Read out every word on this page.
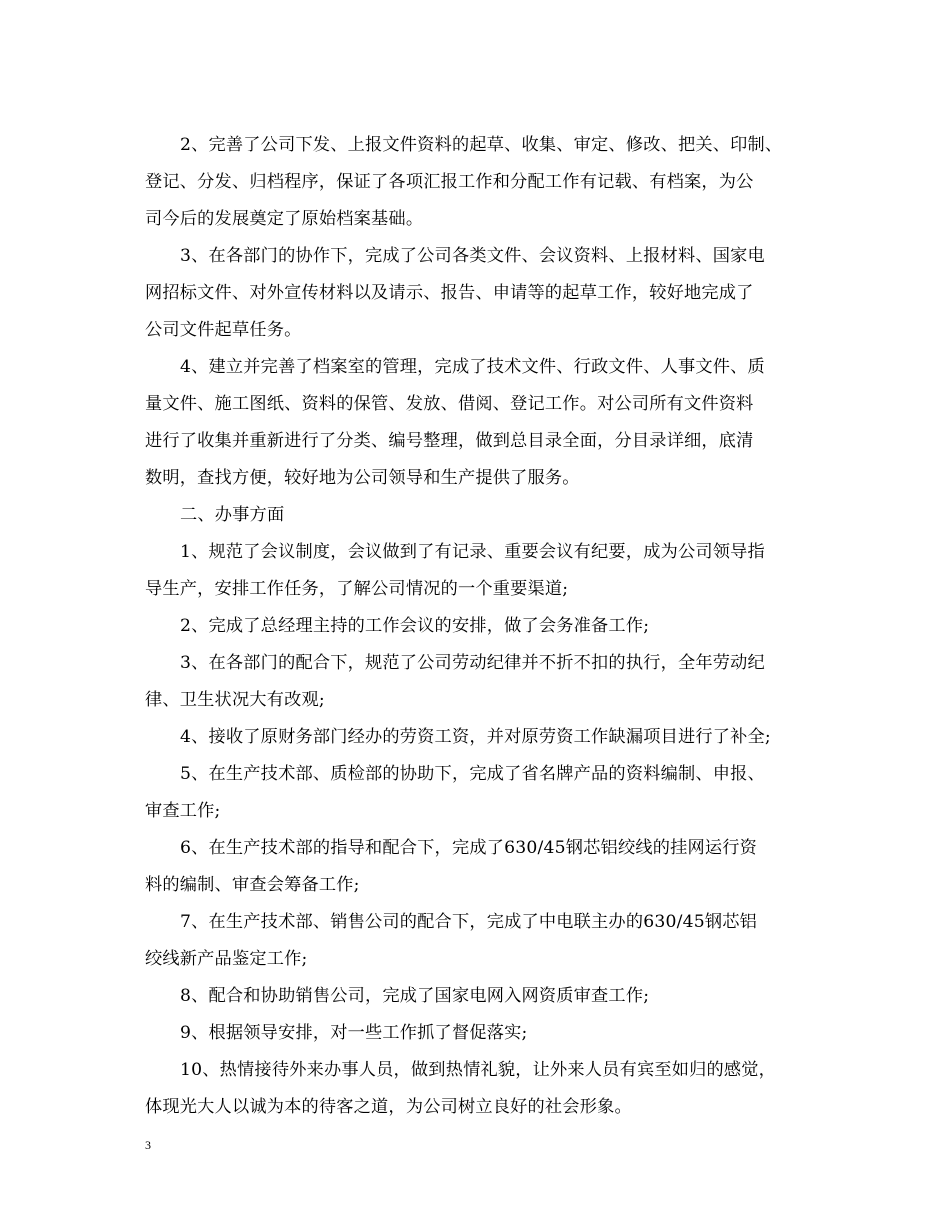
2、完善了公司下发、上报文件资料的起草、收集、审定、修改、把关、印制、
登记、分发、归档程序，保证了各项汇报工作和分配工作有记载、有档案，为公
司今后的发展奠定了原始档案基础。
3、在各部门的协作下，完成了公司各类文件、会议资料、上报材料、国家电
网招标文件、对外宣传材料以及请示、报告、申请等的起草工作，较好地完成了
公司文件起草任务。
4、建立并完善了档案室的管理，完成了技术文件、行政文件、人事文件、质
量文件、施工图纸、资料的保管、发放、借阅、登记工作。对公司所有文件资料
进行了收集并重新进行了分类、编号整理，做到总目录全面，分目录详细，底清
数明，查找方便，较好地为公司领导和生产提供了服务。
二、办事方面
1、规范了会议制度，会议做到了有记录、重要会议有纪要，成为公司领导指
导生产，安排工作任务，了解公司情况的一个重要渠道;
2、完成了总经理主持的工作会议的安排，做了会务准备工作;
3、在各部门的配合下，规范了公司劳动纪律并不折不扣的执行，全年劳动纪
律、卫生状况大有改观;
4、接收了原财务部门经办的劳资工资，并对原劳资工作缺漏项目进行了补全;
5、在生产技术部、质检部的协助下，完成了省名牌产品的资料编制、申报、
审查工作;
6、在生产技术部的指导和配合下，完成了630/45钢芯铝绞线的挂网运行资
料的编制、审查会筹备工作;
7、在生产技术部、销售公司的配合下，完成了中电联主办的630/45钢芯铝
绞线新产品鉴定工作;
8、配合和协助销售公司，完成了国家电网入网资质审查工作;
9、根据领导安排，对一些工作抓了督促落实;
10、热情接待外来办事人员，做到热情礼貌，让外来人员有宾至如归的感觉，
体现光大人以诚为本的待客之道，为公司树立良好的社会形象。
3
